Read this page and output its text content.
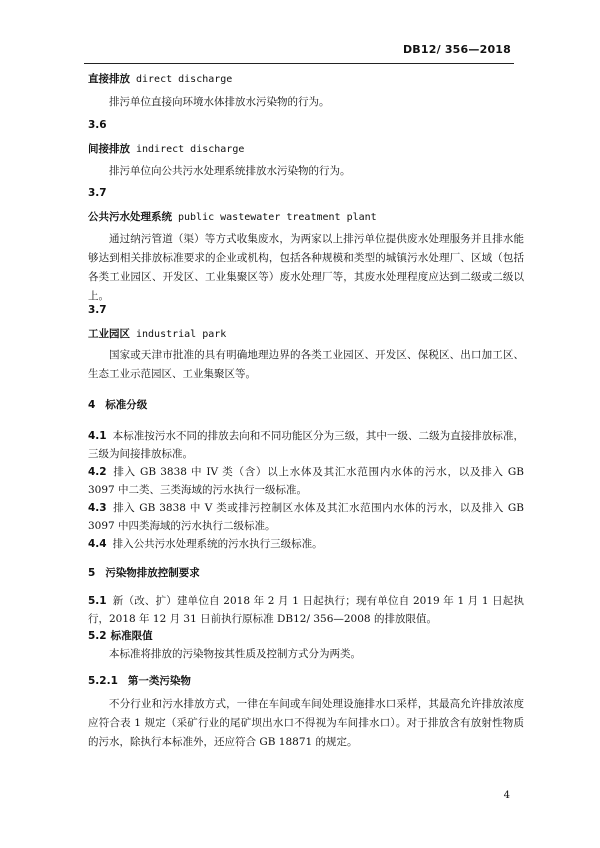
DB12/ 356—2018
直接排放 direct discharge
排污单位直接向环境水体排放水污染物的行为。
3.6
间接排放 indirect discharge
排污单位向公共污水处理系统排放水污染物的行为。
3.7
公共污水处理系统 public wastewater treatment plant
通过纳污管道（渠）等方式收集废水，为两家以上排污单位提供废水处理服务并且排水能够达到相关排放标准要求的企业或机构，包括各种规模和类型的城镇污水处理厂、区域（包括各类工业园区、开发区、工业集聚区等）废水处理厂等，其废水处理程度应达到二级或二级以上。
3.7
工业园区 industrial park
国家或天津市批准的具有明确地理边界的各类工业园区、开发区、保税区、出口加工区、生态工业示范园区、工业集聚区等。
4 标准分级
4.1 本标准按污水不同的排放去向和不同功能区分为三级，其中一级、二级为直接排放标准，三级为间接排放标准。
4.2 排入 GB 3838 中 IV 类（含）以上水体及其汇水范围内水体的污水，以及排入 GB 3097 中二类、三类海域的污水执行一级标准。
4.3 排入 GB 3838 中 V 类或排污控制区水体及其汇水范围内水体的污水，以及排入 GB 3097 中四类海域的污水执行二级标准。
4.4 排入公共污水处理系统的污水执行三级标准。
5 污染物排放控制要求
5.1 新（改、扩）建单位自 2018 年 2 月 1 日起执行；现有单位自 2019 年 1 月 1 日起执行，2018 年 12 月 31 日前执行原标准 DB12/ 356—2008 的排放限值。
5.2 标准限值
本标准将排放的污染物按其性质及控制方式分为两类。
5.2.1 第一类污染物
不分行业和污水排放方式，一律在车间或车间处理设施排水口采样，其最高允许排放浓度应符合表 1 规定（采矿行业的尾矿坝出水口不得视为车间排水口）。对于排放含有放射性物质的污水，除执行本标准外，还应符合 GB 18871 的规定。
4
